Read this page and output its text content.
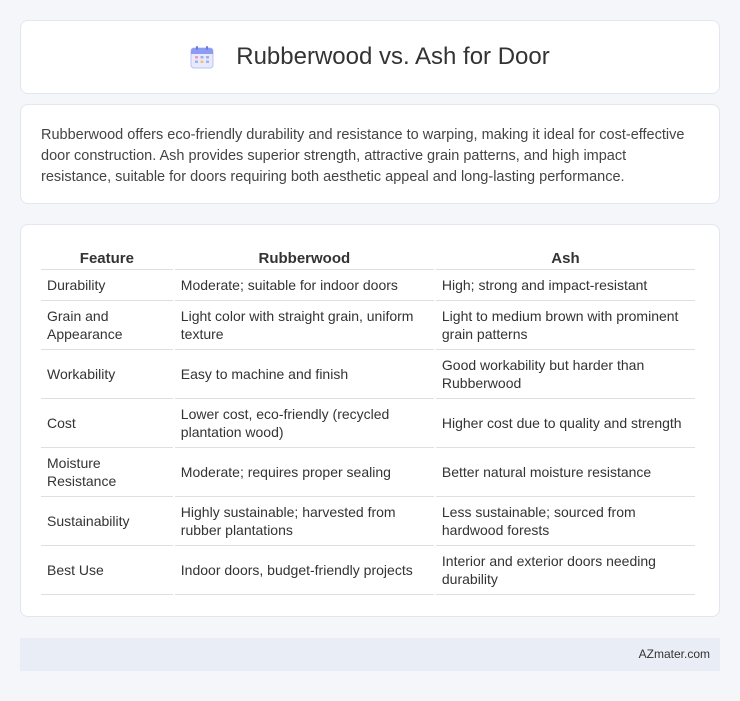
Rubberwood vs. Ash for Door

Rubberwood offers eco-friendly durability and resistance to warping, making it ideal for cost-effective door construction. Ash provides superior strength, attractive grain patterns, and high impact resistance, suitable for doors requiring both aesthetic appeal and long-lasting performance.

Feature	Rubberwood	Ash
Durability	Moderate; suitable for indoor doors	High; strong and impact-resistant
Grain and Appearance	Light color with straight grain, uniform texture	Light to medium brown with prominent grain patterns
Workability	Easy to machine and finish	Good workability but harder than Rubberwood
Cost	Lower cost, eco-friendly (recycled plantation wood)	Higher cost due to quality and strength
Moisture Resistance	Moderate; requires proper sealing	Better natural moisture resistance
Sustainability	Highly sustainable; harvested from rubber plantations	Less sustainable; sourced from hardwood forests
Best Use	Indoor doors, budget-friendly projects	Interior and exterior doors needing durability
AZmater.com
